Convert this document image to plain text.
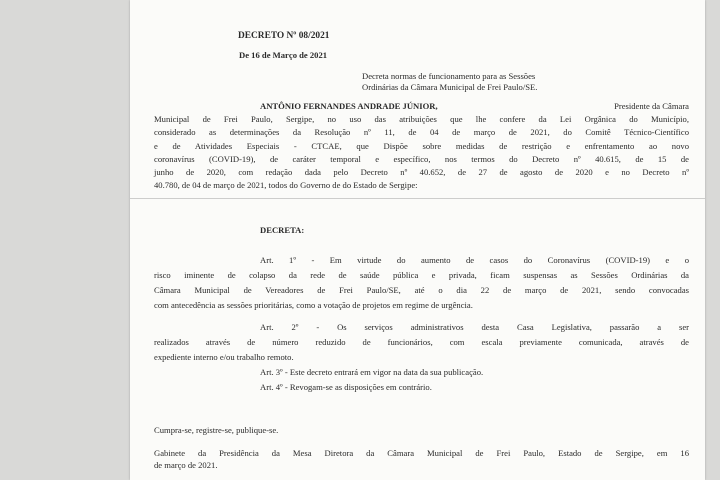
DECRETO Nº 08/2021
De 16 de Março de 2021
Decreta normas de funcionamento para as Sessões
Ordinárias da Câmara Municipal de Frei Paulo/SE.
ANTÔNIO FERNANDES ANDRADE JÚNIOR,	Presidente da Câmara
Municipal de Frei Paulo, Sergipe, no uso das atribuições que lhe confere da Lei Orgânica do Município,
considerado as determinações da Resolução nº 11, de 04 de março de 2021, do Comitê Técnico-Científico
e de Atividades Especiais - CTCAE, que Dispõe sobre medidas de restrição e enfrentamento ao novo
coronavírus (COVID-19), de caráter temporal e específico, nos termos do Decreto nº 40.615, de 15 de
junho de 2020, com redação dada pelo Decreto nº 40.652, de 27 de agosto de 2020 e no Decreto nº
40.780, de 04 de março de 2021, todos do Governo de do Estado de Sergipe:
DECRETA:
Art. 1º - Em virtude do aumento de casos do Coronavírus (COVID-19) e o
risco iminente de colapso da rede de saúde pública e privada, ficam suspensas as Sessões Ordinárias da
Câmara Municipal de Vereadores de Frei Paulo/SE, até o dia 22 de março de 2021, sendo convocadas
com antecedência as sessões prioritárias, como a votação de projetos em regime de urgência.
Art. 2º - Os serviços administrativos desta Casa Legislativa, passarão a ser
realizados através de número reduzido de funcionários, com escala previamente comunicada, através de
expediente interno e/ou trabalho remoto.
Art. 3º - Este decreto entrará em vigor na data da sua publicação.
Art. 4º - Revogam-se as disposições em contrário.
Cumpra-se, registre-se, publique-se.
Gabinete da Presidência da Mesa Diretora da Câmara Municipal de Frei Paulo, Estado de Sergipe, em 16
de março de 2021.
